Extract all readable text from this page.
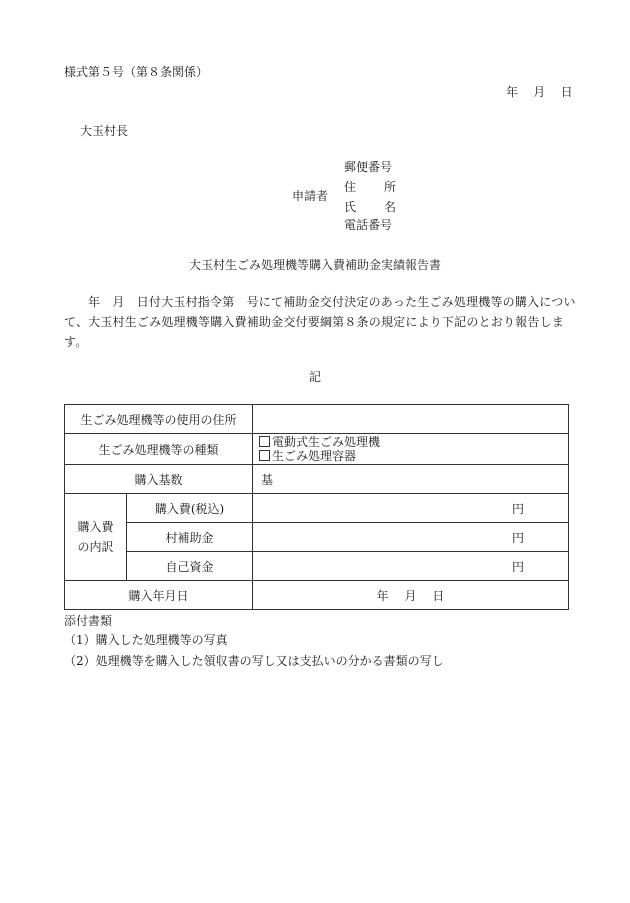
様式第５号（第８条関係）
年 月 日
大玉村長
申請者
郵便番号
住 所
氏 名
電話番号
大玉村生ごみ処理機等購入費補助金実績報告書
年　月　日付大玉村指令第　号にて補助金交付決定のあった生ごみ処理機等の購入について、大玉村生ごみ処理機等購入費補助金交付要綱第８条の規定により下記のとおり報告します。
記
生ごみ処理機等の使用の住所		
生ごみ処理機等の種類		電動式生ごみ処理機
生ごみ処理容器

購入基数		基

購入費
の内訳	購入費(税込)	円
	村補助金	円
	自己資金	円
購入年月日		年 月 日
添付書類
（1）購入した処理機等の写真
（2）処理機等を購入した領収書の写し又は支払いの分かる書類の写し
